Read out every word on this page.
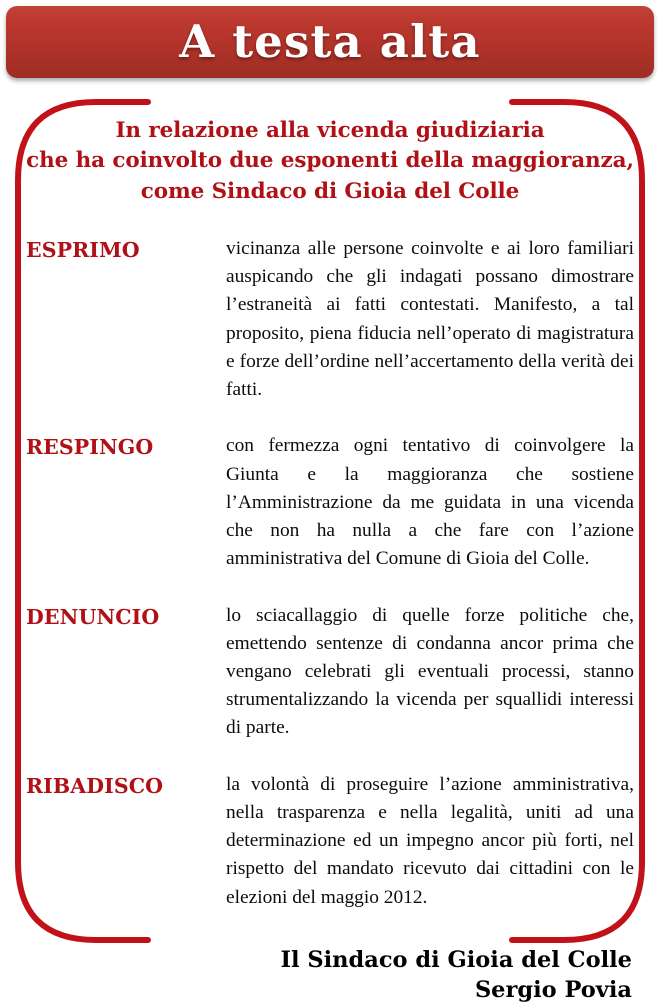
A testa alta
In relazione alla vicenda giudiziaria
che ha coinvolto due esponenti della maggioranza,
come Sindaco di Gioia del Colle
ESPRIMO	vicinanza alle persone coinvolte e ai loro familiari auspicando che gli indagati possano dimostrare l’estraneità ai fatti contestati. Manifesto, a tal proposito, piena fiducia nell’operato di magistratura e forze dell’ordine nell’accertamento della verità dei fatti.
RESPINGO	con fermezza ogni tentativo di coinvolgere la Giunta e la maggioranza che sostiene l’Amministrazione da me guidata in una vicenda che non ha nulla a che fare con l’azione amministrativa del Comune di Gioia del Colle.
DENUNCIO	lo sciacallaggio di quelle forze politiche che, emettendo sentenze di condanna ancor prima che vengano celebrati gli eventuali processi, stanno strumentalizzando la vicenda per squallidi interessi di parte.
RIBADISCO	la volontà di proseguire l’azione amministrativa, nella trasparenza e nella legalità, uniti ad una determinazione ed un impegno ancor più forti, nel rispetto del mandato ricevuto dai cittadini con le elezioni del maggio 2012.
Il Sindaco di Gioia del Colle
Sergio Povia
